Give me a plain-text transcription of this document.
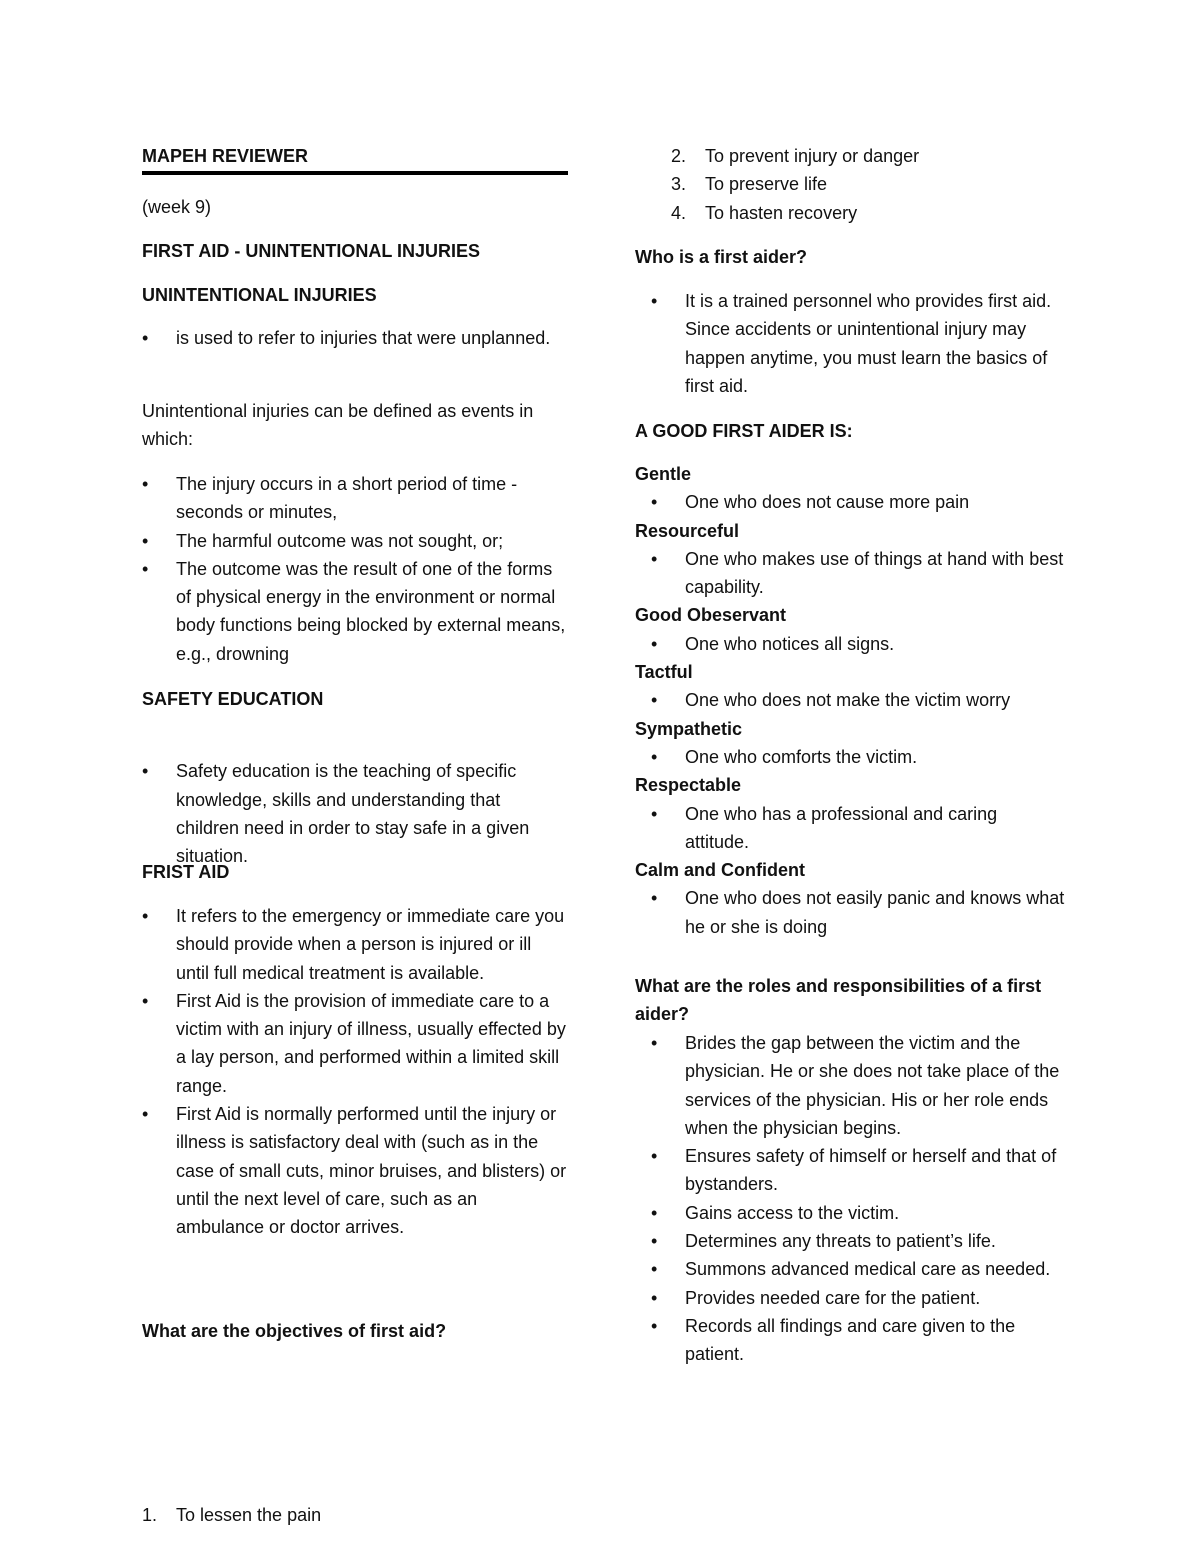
MAPEH REVIEWER
(week 9)
FIRST AID - UNINTENTIONAL INJURIES
UNINTENTIONAL INJURIES
• is used to refer to injuries that were unplanned.
Unintentional injuries can be defined as events in which:
• The injury occurs in a short period of time - seconds or minutes,
• The harmful outcome was not sought, or;
• The outcome was the result of one of the forms of physical energy in the environment or normal body functions being blocked by external means, e.g., drowning
SAFETY EDUCATION
• Safety education is the teaching of specific knowledge, skills and understanding that children need in order to stay safe in a given situation.
FRIST AID
• It refers to the emergency or immediate care you should provide when a person is injured or ill until full medical treatment is available.
• First Aid is the provision of immediate care to a victim with an injury of illness, usually effected by a lay person, and performed within a limited skill range.
• First Aid is normally performed until the injury or illness is satisfactory deal with (such as in the case of small cuts, minor bruises, and blisters) or until the next level of care, such as an ambulance or doctor arrives.
What are the objectives of first aid?
1. To lessen the pain
2. To prevent injury or danger
3. To preserve life
4. To hasten recovery
Who is a first aider?
• It is a trained personnel who provides first aid. Since accidents or unintentional injury may happen anytime, you must learn the basics of first aid.
A GOOD FIRST AIDER IS:
Gentle
• One who does not cause more pain
Resourceful
• One who makes use of things at hand with best capability.
Good Obeservant
• One who notices all signs.
Tactful
• One who does not make the victim worry
Sympathetic
• One who comforts the victim.
Respectable
• One who has a professional and caring attitude.
Calm and Confident
• One who does not easily panic and knows what he or she is doing
What are the roles and responsibilities of a first aider?
• Brides the gap between the victim and the physician. He or she does not take place of the services of the physician. His or her role ends when the physician begins.
• Ensures safety of himself or herself and that of bystanders.
• Gains access to the victim.
• Determines any threats to patient’s life.
• Summons advanced medical care as needed.
• Provides needed care for the patient.
• Records all findings and care given to the patient.
